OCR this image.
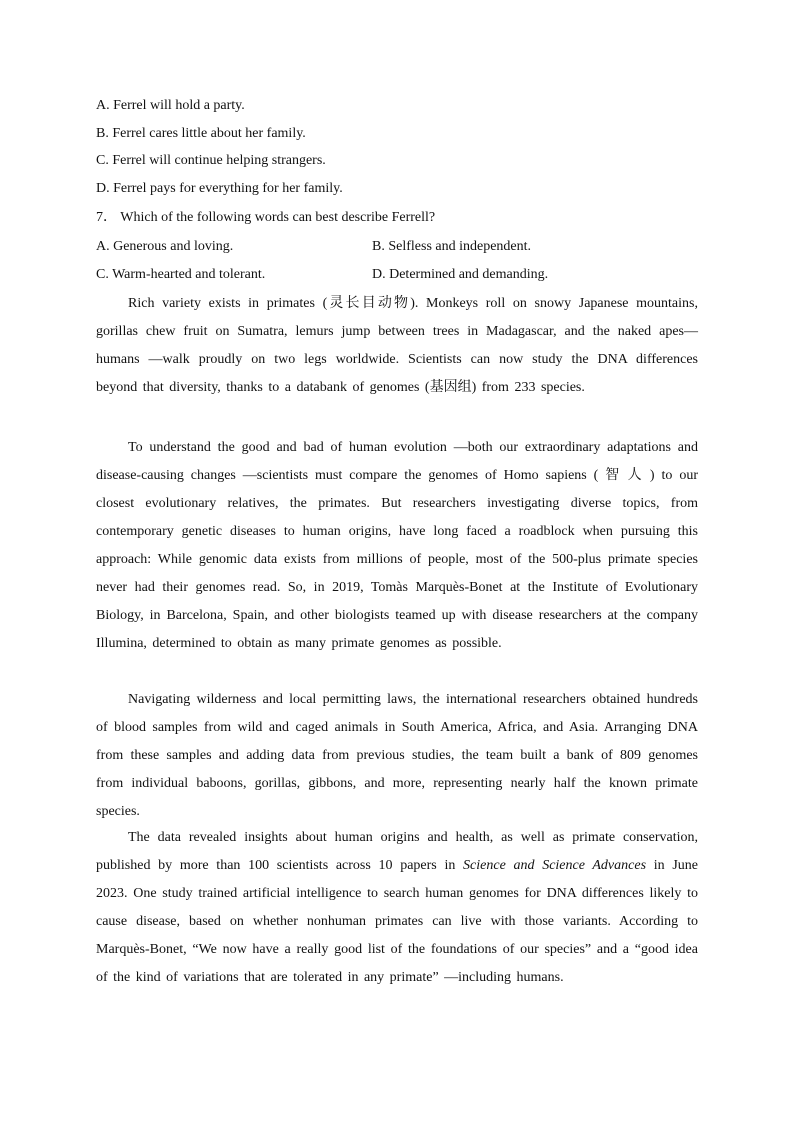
A. Ferrel will hold a party.
B. Ferrel cares little about her family.
C. Ferrel will continue helping strangers.
D. Ferrel pays for everything for her family.
7． Which of the following words can best describe Ferrell?
A. Generous and loving.	B. Selfless and independent.
C. Warm-hearted and tolerant.	D. Determined and demanding.

Rich variety exists in primates (灵长目动物). Monkeys roll on snowy Japanese mountains, gorillas chew fruit on Sumatra, lemurs jump between trees in Madagascar, and the naked apes—humans —walk proudly on two legs worldwide. Scientists can now study the DNA differences beyond that diversity, thanks to a databank of genomes (基因组) from 233 species.

To understand the good and bad of human evolution —both our extraordinary adaptations and disease-causing changes —scientists must compare the genomes of Homo sapiens ( 智 人 ) to our closest evolutionary relatives, the primates. But researchers investigating diverse topics, from contemporary genetic diseases to human origins, have long faced a roadblock when pursuing this approach: While genomic data exists from millions of people, most of the 500-plus primate species never had their genomes read. So, in 2019, Tomàs Marquès-Bonet at the Institute of Evolutionary Biology, in Barcelona, Spain, and other biologists teamed up with disease researchers at the company Illumina, determined to obtain as many primate genomes as possible.

Navigating wilderness and local permitting laws, the international researchers obtained hundreds of blood samples from wild and caged animals in South America, Africa, and Asia. Arranging DNA from these samples and adding data from previous studies, the team built a bank of 809 genomes from individual baboons, gorillas, gibbons, and more, representing nearly half the known primate species.

The data revealed insights about human origins and health, as well as primate conservation, published by more than 100 scientists across 10 papers in Science and Science Advances in June 2023. One study trained artificial intelligence to search human genomes for DNA differences likely to cause disease, based on whether nonhuman primates can live with those variants. According to Marquès-Bonet, “We now have a really good list of the foundations of our species” and a “good idea of the kind of variations that are tolerated in any primate” —including humans.
